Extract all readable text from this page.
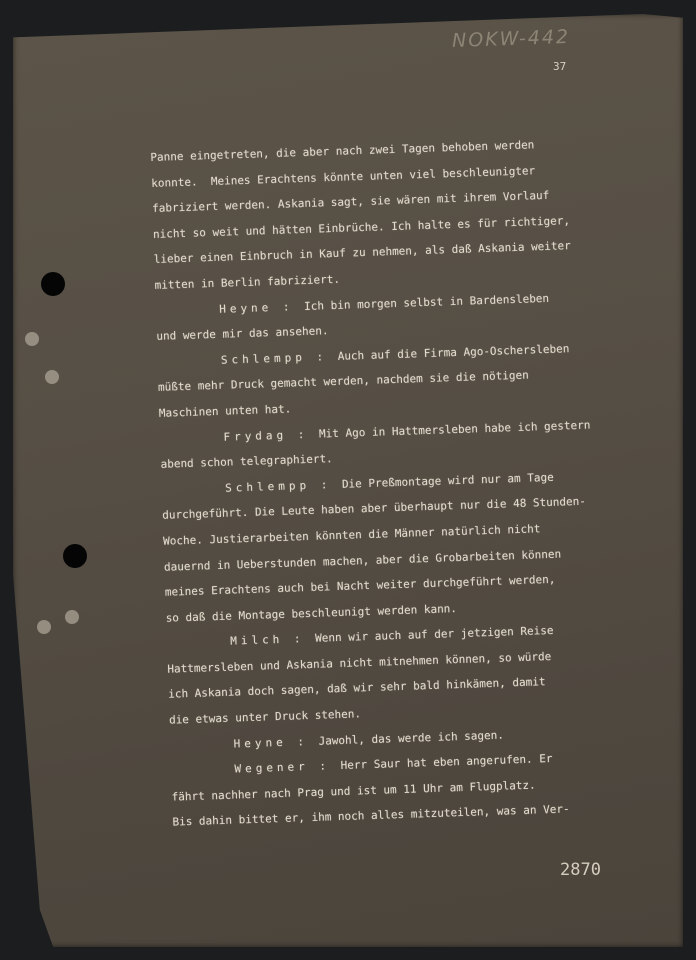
NOKW-442
37
Panne eingetreten, die aber nach zwei Tagen behoben werden
konnte.  Meines Erachtens könnte unten viel beschleunigter
fabriziert werden. Askania sagt, sie wären mit ihrem Vorlauf
nicht so weit und hätten Einbrüche. Ich halte es für richtiger,
lieber einen Einbruch in Kauf zu nehmen, als daß Askania weiter
mitten in Berlin fabriziert.
Heyne : Ich bin morgen selbst in Bardensleben
und werde mir das ansehen.
Schlempp : Auch auf die Firma Ago-Oschersleben
müßte mehr Druck gemacht werden, nachdem sie die nötigen
Maschinen unten hat.
Frydag : Mit Ago in Hattmersleben habe ich gestern
abend schon telegraphiert.
Schlempp : Die Preßmontage wird nur am Tage
durchgeführt. Die Leute haben aber überhaupt nur die 48 Stunden-
Woche. Justierarbeiten könnten die Männer natürlich nicht
dauernd in Ueberstunden machen, aber die Grobarbeiten können
meines Erachtens auch bei Nacht weiter durchgeführt werden,
so daß die Montage beschleunigt werden kann.
Milch : Wenn wir auch auf der jetzigen Reise
Hattmersleben und Askania nicht mitnehmen können, so würde
ich Askania doch sagen, daß wir sehr bald hinkämen, damit
die etwas unter Druck stehen.
Heyne : Jawohl, das werde ich sagen.
Wegener : Herr Saur hat eben angerufen. Er
fährt nachher nach Prag und ist um 11 Uhr am Flugplatz.
Bis dahin bittet er, ihm noch alles mitzuteilen, was an Ver-
2870
